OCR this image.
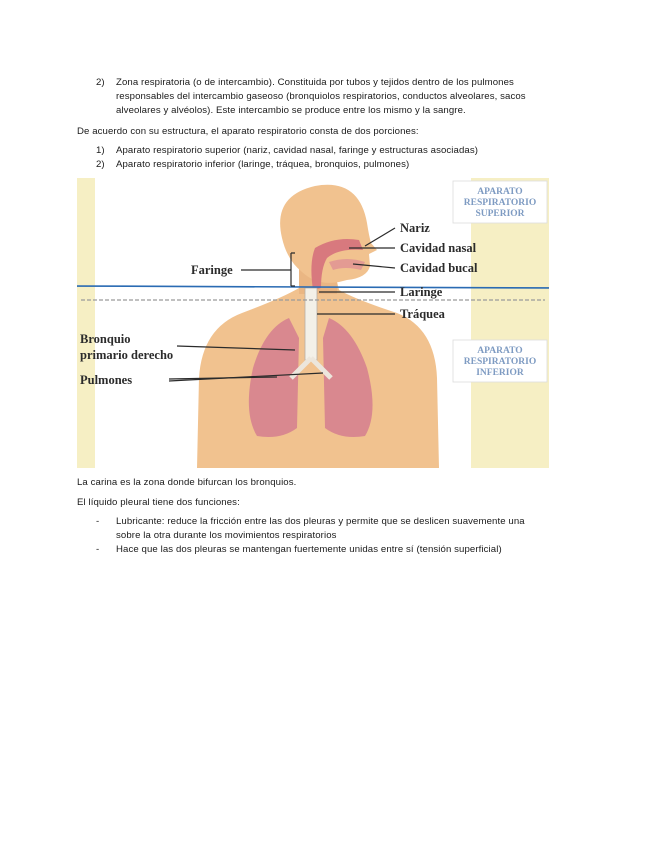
2) Zona respiratoria (o de intercambio). Constituida por tubos y tejidos dentro de los pulmones
responsables del intercambio gaseoso (bronquiolos respiratorios, conductos alveolares, sacos
alveolares y alvéolos). Este intercambio se produce entre los mismo y la sangre.
De acuerdo con su estructura, el aparato respiratorio consta de dos porciones:
1) Aparato respiratorio superior (nariz, cavidad nasal, faringe y estructuras asociadas)
2) Aparato respiratorio inferior (laringe, tráquea, bronquios, pulmones)
Nariz
Cavidad nasal
Cavidad bucal
Faringe
Laringe
Tráquea
Bronquio
primario derecho
Pulmones
APARATO
RESPIRATORIO
SUPERIOR
APARATO
RESPIRATORIO
INFERIOR
La carina es la zona donde bifurcan los bronquios.
El líquido pleural tiene dos funciones:
- Lubricante: reduce la fricción entre las dos pleuras y permite que se deslicen suavemente una
sobre la otra durante los movimientos respiratorios
- Hace que las dos pleuras se mantengan fuertemente unidas entre sí (tensión superficial)
